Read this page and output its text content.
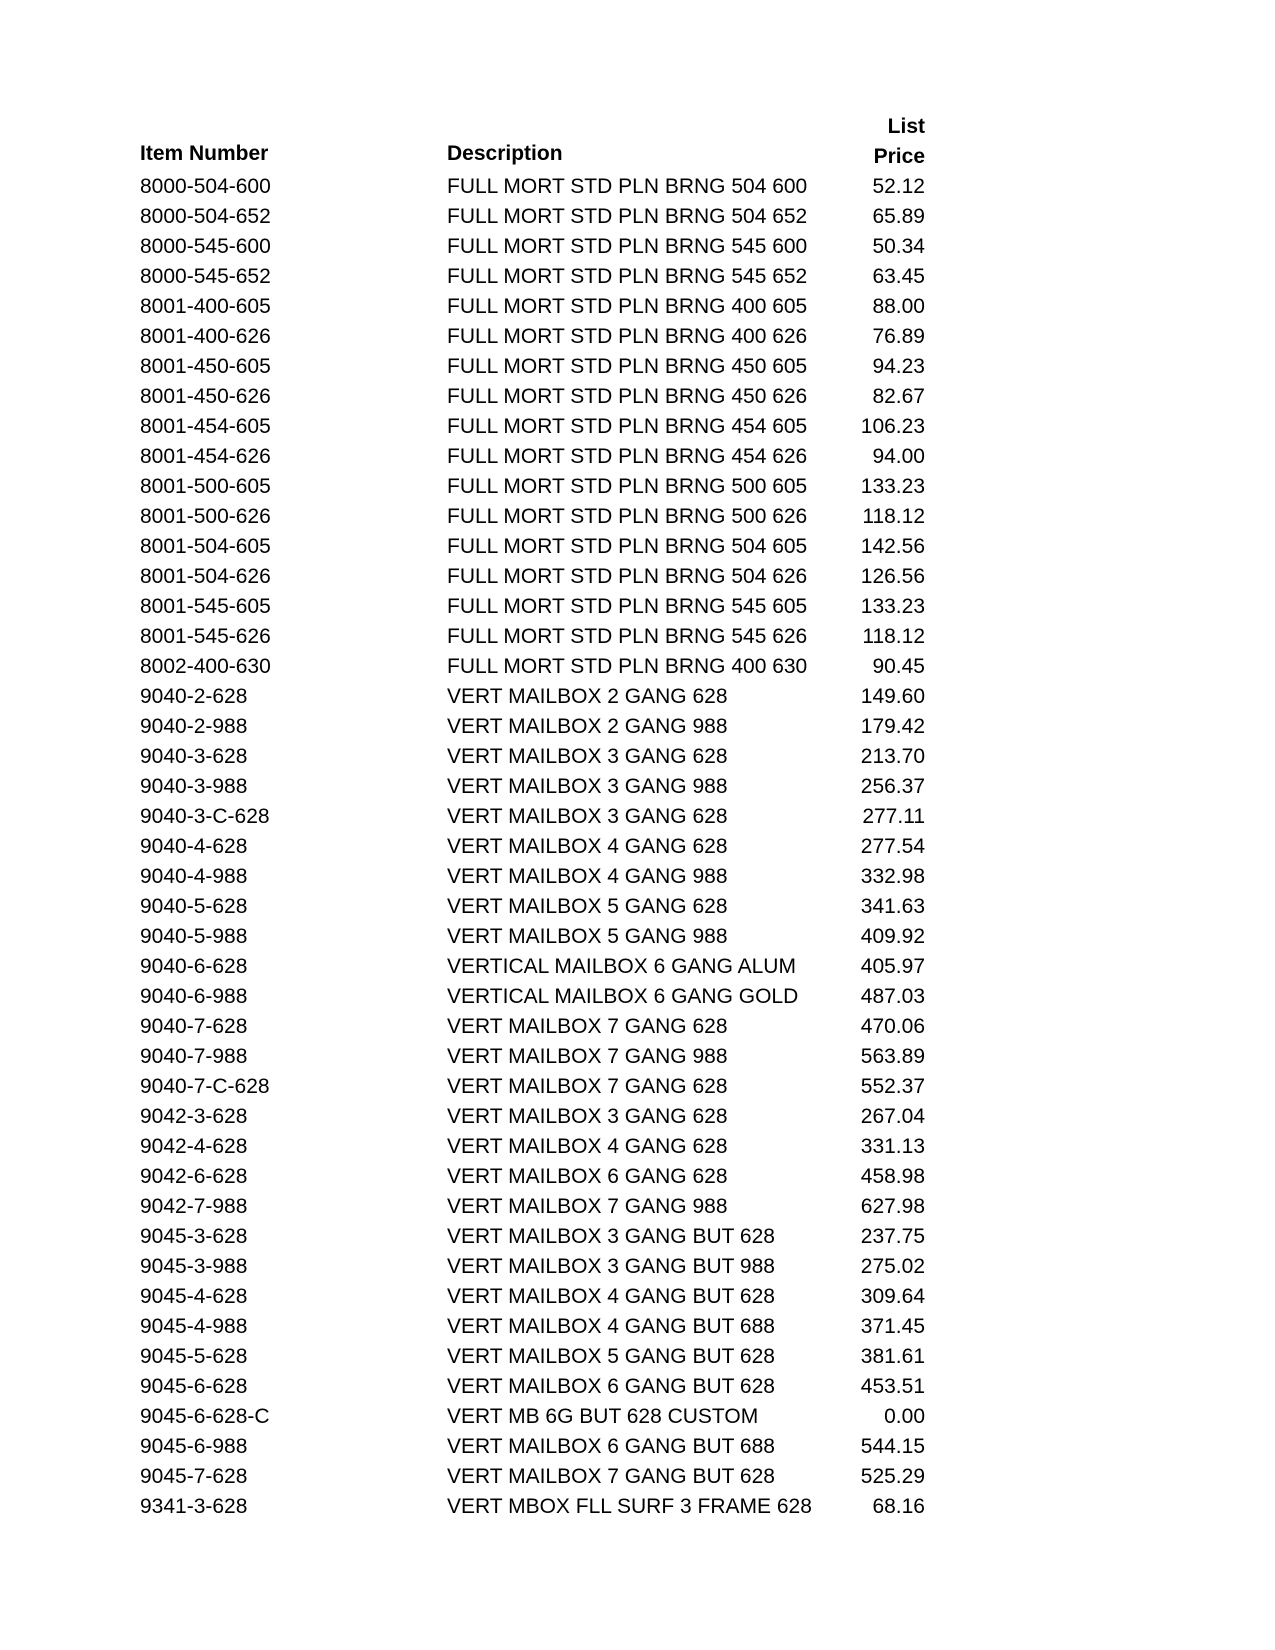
Item Number	Description
List
Price
8000-504-600	FULL MORT STD PLN BRNG 504 600	52.12
8000-504-652	FULL MORT STD PLN BRNG 504 652	65.89
8000-545-600	FULL MORT STD PLN BRNG 545 600	50.34
8000-545-652	FULL MORT STD PLN BRNG 545 652	63.45
8001-400-605	FULL MORT STD PLN BRNG 400 605	88.00
8001-400-626	FULL MORT STD PLN BRNG 400 626	76.89
8001-450-605	FULL MORT STD PLN BRNG 450 605	94.23
8001-450-626	FULL MORT STD PLN BRNG 450 626	82.67
8001-454-605	FULL MORT STD PLN BRNG 454 605	106.23
8001-454-626	FULL MORT STD PLN BRNG 454 626	94.00
8001-500-605	FULL MORT STD PLN BRNG 500 605	133.23
8001-500-626	FULL MORT STD PLN BRNG 500 626	118.12
8001-504-605	FULL MORT STD PLN BRNG 504 605	142.56
8001-504-626	FULL MORT STD PLN BRNG 504 626	126.56
8001-545-605	FULL MORT STD PLN BRNG 545 605	133.23
8001-545-626	FULL MORT STD PLN BRNG 545 626	118.12
8002-400-630	FULL MORT STD PLN BRNG 400 630	90.45
9040-2-628	VERT MAILBOX 2 GANG 628	149.60
9040-2-988	VERT MAILBOX 2 GANG 988	179.42
9040-3-628	VERT MAILBOX 3 GANG 628	213.70
9040-3-988	VERT MAILBOX 3 GANG 988	256.37
9040-3-C-628	VERT MAILBOX 3 GANG 628	277.11
9040-4-628	VERT MAILBOX 4 GANG 628	277.54
9040-4-988	VERT MAILBOX 4 GANG 988	332.98
9040-5-628	VERT MAILBOX 5 GANG 628	341.63
9040-5-988	VERT MAILBOX 5 GANG 988	409.92
9040-6-628	VERTICAL MAILBOX 6 GANG ALUM	405.97
9040-6-988	VERTICAL MAILBOX 6 GANG GOLD	487.03
9040-7-628	VERT MAILBOX 7 GANG 628	470.06
9040-7-988	VERT MAILBOX 7 GANG 988	563.89
9040-7-C-628	VERT MAILBOX 7 GANG 628	552.37
9042-3-628	VERT MAILBOX 3 GANG 628	267.04
9042-4-628	VERT MAILBOX 4 GANG 628	331.13
9042-6-628	VERT MAILBOX 6 GANG 628	458.98
9042-7-988	VERT MAILBOX 7 GANG 988	627.98
9045-3-628	VERT MAILBOX 3 GANG BUT 628	237.75
9045-3-988	VERT MAILBOX 3 GANG BUT 988	275.02
9045-4-628	VERT MAILBOX 4 GANG BUT 628	309.64
9045-4-988	VERT MAILBOX 4 GANG BUT 688	371.45
9045-5-628	VERT MAILBOX 5 GANG BUT 628	381.61
9045-6-628	VERT MAILBOX 6 GANG BUT 628	453.51
9045-6-628-C	VERT MB 6G BUT 628 CUSTOM	0.00
9045-6-988	VERT MAILBOX 6 GANG BUT 688	544.15
9045-7-628	VERT MAILBOX 7 GANG BUT 628	525.29
9341-3-628	VERT MBOX FLL SURF 3 FRAME 628	68.16
